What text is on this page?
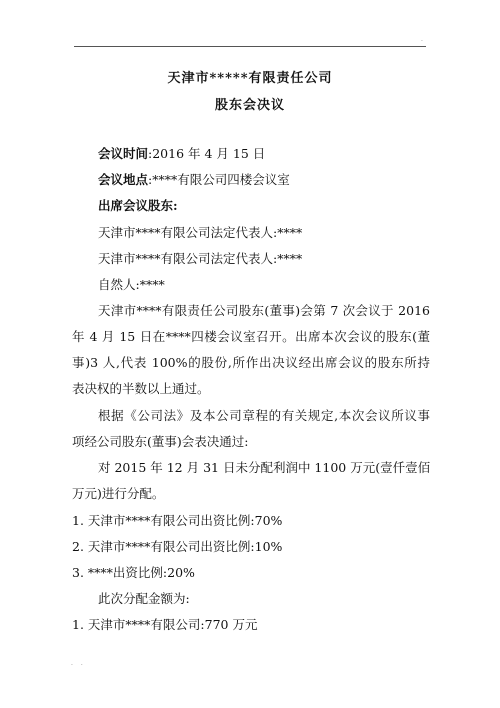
.
天津市*****有限责任公司
股东会决议
会议时间:2016 年 4 月 15 日
会议地点:****有限公司四楼会议室
出席会议股东:
天津市****有限公司法定代表人:****
天津市****有限公司法定代表人:****
自然人:****
天津市****有限责任公司股东(董事)会第 7 次会议于 2016
年 4 月 15 日在****四楼会议室召开。出席本次会议的股东(董
事)3 人,代表 100%的股份,所作出决议经出席会议的股东所持
表决权的半数以上通过。
根据《公司法》及本公司章程的有关规定,本次会议所议事
项经公司股东(董事)会表决通过:
对 2015 年 12 月 31 日未分配利润中 1100 万元(壹仟壹佰
万元)进行分配。
1. 天津市****有限公司出资比例:70%
2. 天津市****有限公司出资比例:10%
3. ****出资比例:20%
此次分配金额为:
1. 天津市****有限公司:770 万元
. .
